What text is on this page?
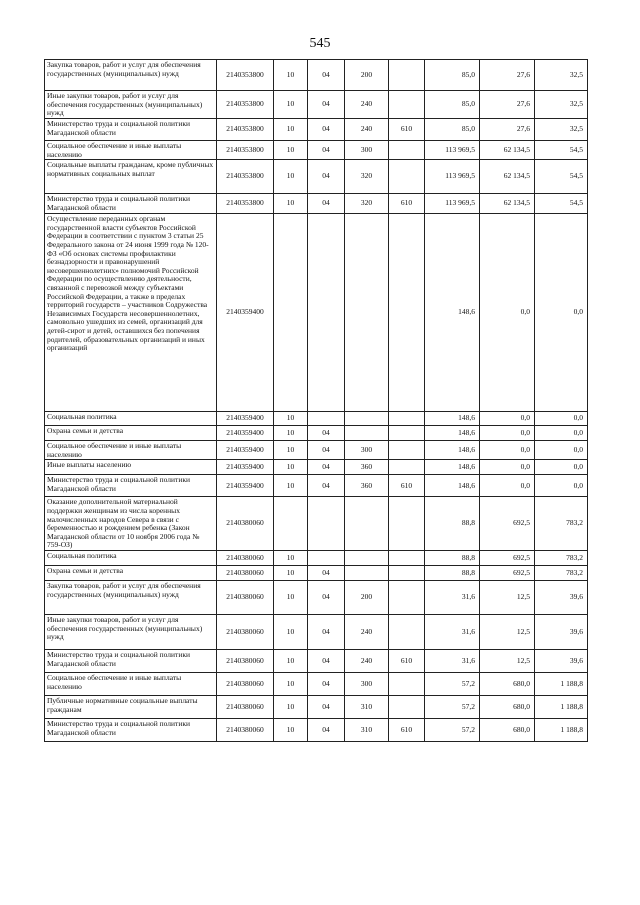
545
Закупка товаров, работ и услуг для обеспечения государственных (муниципальных) нужд	2140353800	10	04	200		85,0	27,6	32,5
Иные закупки товаров, работ и услуг для обеспечения государственных (муниципальных) нужд	2140353800	10	04	240		85,0	27,6	32,5
Министерство труда и социальной политики Магаданской области	2140353800	10	04	240	610	85,0	27,6	32,5
Социальное обеспечение и иные выплаты населению	2140353800	10	04	300		113 969,5	62 134,5	54,5
Социальные выплаты гражданам, кроме публичных нормативных социальных выплат	2140353800	10	04	320		113 969,5	62 134,5	54,5
Министерство труда и социальной политики Магаданской области	2140353800	10	04	320	610	113 969,5	62 134,5	54,5
Осуществление переданных органам государственной власти субъектов Российской Федерации в соответствии с пунктом 3 статьи 25 Федерального закона от 24 июня 1999 года № 120-ФЗ «Об основах системы профилактики безнадзорности и правонарушений несовершеннолетних» полномочий Российской Федерации по осуществлению деятельности, связанной с перевозкой между субъектами Российской Федерации, а также в пределах территорий государств – участников Содружества Независимых Государств несовершеннолетних, самовольно ушедших из семей, организаций для детей-сирот и детей, оставшихся без попечения родителей, образовательных организаций и иных организаций	2140359400					148,6	0,0	0,0
Социальная политика	2140359400	10				148,6	0,0	0,0
Охрана семьи и детства	2140359400	10	04			148,6	0,0	0,0
Социальное обеспечение и иные выплаты населению	2140359400	10	04	300		148,6	0,0	0,0
Иные выплаты населению	2140359400	10	04	360		148,6	0,0	0,0
Министерство труда и социальной политики Магаданской области	2140359400	10	04	360	610	148,6	0,0	0,0
Оказание дополнительной материальной поддержки женщинам из числа коренных малочисленных народов Севера в связи с беременностью и рождением ребенка (Закон Магаданской области от 10 ноября 2006 года № 759-ОЗ)	2140380060					88,8	692,5	783,2
Социальная политика	2140380060	10				88,8	692,5	783,2
Охрана семьи и детства	2140380060	10	04			88,8	692,5	783,2
Закупка товаров, работ и услуг для обеспечения государственных (муниципальных) нужд	2140380060	10	04	200		31,6	12,5	39,6
Иные закупки товаров, работ и услуг для обеспечения государственных (муниципальных) нужд	2140380060	10	04	240		31,6	12,5	39,6
Министерство труда и социальной политики Магаданской области	2140380060	10	04	240	610	31,6	12,5	39,6
Социальное обеспечение и иные выплаты населению	2140380060	10	04	300		57,2	680,0	1 188,8
Публичные нормативные социальные выплаты гражданам	2140380060	10	04	310		57,2	680,0	1 188,8
Министерство труда и социальной политики Магаданской области	2140380060	10	04	310	610	57,2	680,0	1 188,8
